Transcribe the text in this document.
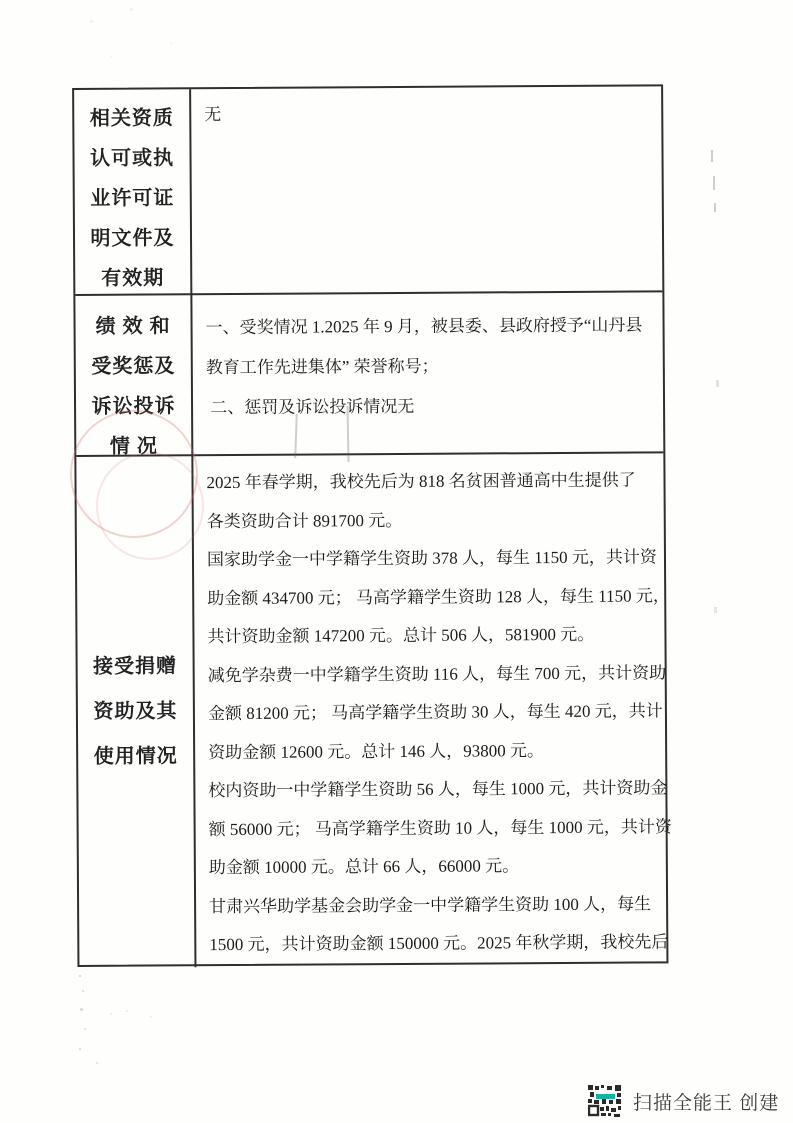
相关资质
认可或执
业许可证
明文件及
有效期
无
绩 效 和
受奖惩及
诉讼投诉
情 况
一、受奖情况 1.2025 年 9 月，被县委、县政府授予“山丹县
教育工作先进集体” 荣誉称号；
二、惩罚及诉讼投诉情况无
接受捐赠
资助及其
使用情况
2025 年春学期，我校先后为 818 名贫困普通高中生提供了
各类资助合计 891700 元。
国家助学金一中学籍学生资助 378 人，每生 1150 元，共计资
助金额 434700 元； 马高学籍学生资助 128 人，每生 1150 元，
共计资助金额 147200 元。总计 506 人，581900 元。
减免学杂费一中学籍学生资助 116 人，每生 700 元，共计资助
金额 81200 元； 马高学籍学生资助 30 人，每生 420 元，共计
资助金额 12600 元。总计 146 人，93800 元。
校内资助一中学籍学生资助 56 人，每生 1000 元，共计资助金
额 56000 元； 马高学籍学生资助 10 人，每生 1000 元，共计资
助金额 10000 元。总计 66 人，66000 元。
甘肃兴华助学基金会助学金一中学籍学生资助 100 人，每生
1500 元，共计资助金额 150000 元。2025 年秋学期，我校先后
扫描全能王 创建
